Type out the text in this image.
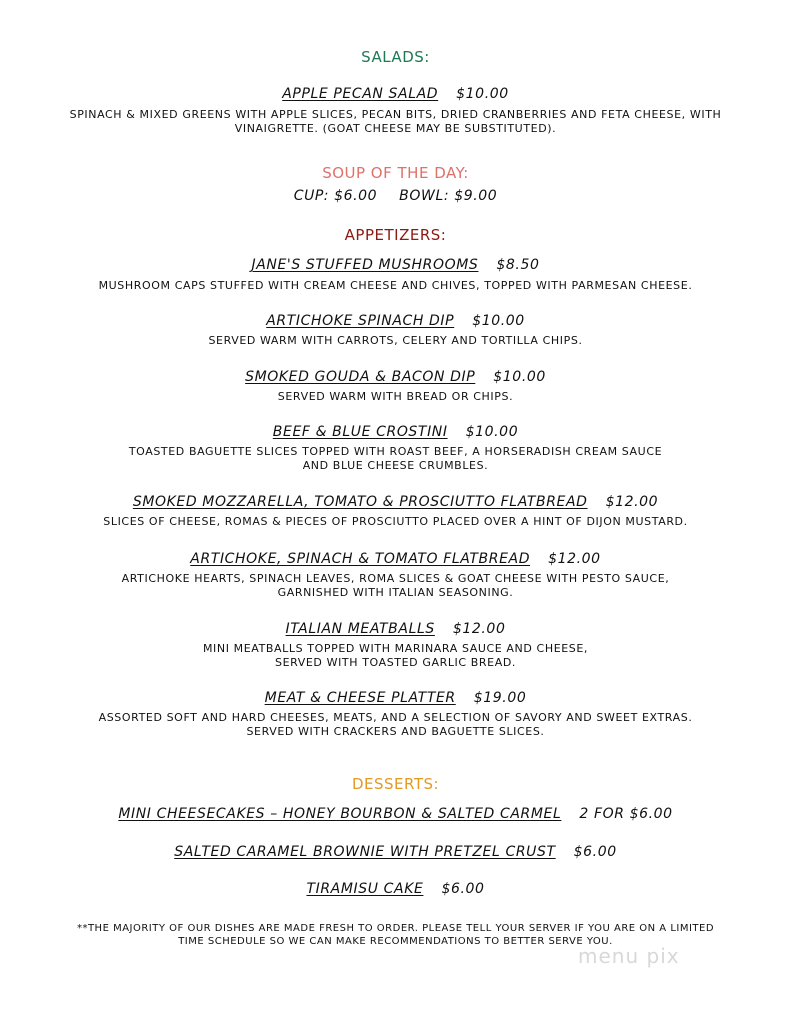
SALADS:
APPLE PECAN SALAD $10.00
SPINACH & MIXED GREENS WITH APPLE SLICES, PECAN BITS, DRIED CRANBERRIES AND FETA CHEESE, WITH
VINAIGRETTE. (GOAT CHEESE MAY BE SUBSTITUTED).
SOUP OF THE DAY:
CUP: $6.00 BOWL: $9.00
APPETIZERS:
JANE'S STUFFED MUSHROOMS $8.50
MUSHROOM CAPS STUFFED WITH CREAM CHEESE AND CHIVES, TOPPED WITH PARMESAN CHEESE.
ARTICHOKE SPINACH DIP $10.00
SERVED WARM WITH CARROTS, CELERY AND TORTILLA CHIPS.
SMOKED GOUDA & BACON DIP $10.00
SERVED WARM WITH BREAD OR CHIPS.
BEEF & BLUE CROSTINI $10.00
TOASTED BAGUETTE SLICES TOPPED WITH ROAST BEEF, A HORSERADISH CREAM SAUCE
AND BLUE CHEESE CRUMBLES.
SMOKED MOZZARELLA, TOMATO & PROSCIUTTO FLATBREAD $12.00
SLICES OF CHEESE, ROMAS & PIECES OF PROSCIUTTO PLACED OVER A HINT OF DIJON MUSTARD.
ARTICHOKE, SPINACH & TOMATO FLATBREAD $12.00
ARTICHOKE HEARTS, SPINACH LEAVES, ROMA SLICES & GOAT CHEESE WITH PESTO SAUCE,
GARNISHED WITH ITALIAN SEASONING.
ITALIAN MEATBALLS $12.00
MINI MEATBALLS TOPPED WITH MARINARA SAUCE AND CHEESE,
SERVED WITH TOASTED GARLIC BREAD.
MEAT & CHEESE PLATTER $19.00
ASSORTED SOFT AND HARD CHEESES, MEATS, AND A SELECTION OF SAVORY AND SWEET EXTRAS.
SERVED WITH CRACKERS AND BAGUETTE SLICES.
DESSERTS:
MINI CHEESECAKES – HONEY BOURBON & SALTED CARMEL 2 FOR $6.00
SALTED CARAMEL BROWNIE WITH PRETZEL CRUST $6.00
TIRAMISU CAKE $6.00
**THE MAJORITY OF OUR DISHES ARE MADE FRESH TO ORDER. PLEASE TELL YOUR SERVER IF YOU ARE ON A LIMITED
TIME SCHEDULE SO WE CAN MAKE RECOMMENDATIONS TO BETTER SERVE YOU.
menu pix
